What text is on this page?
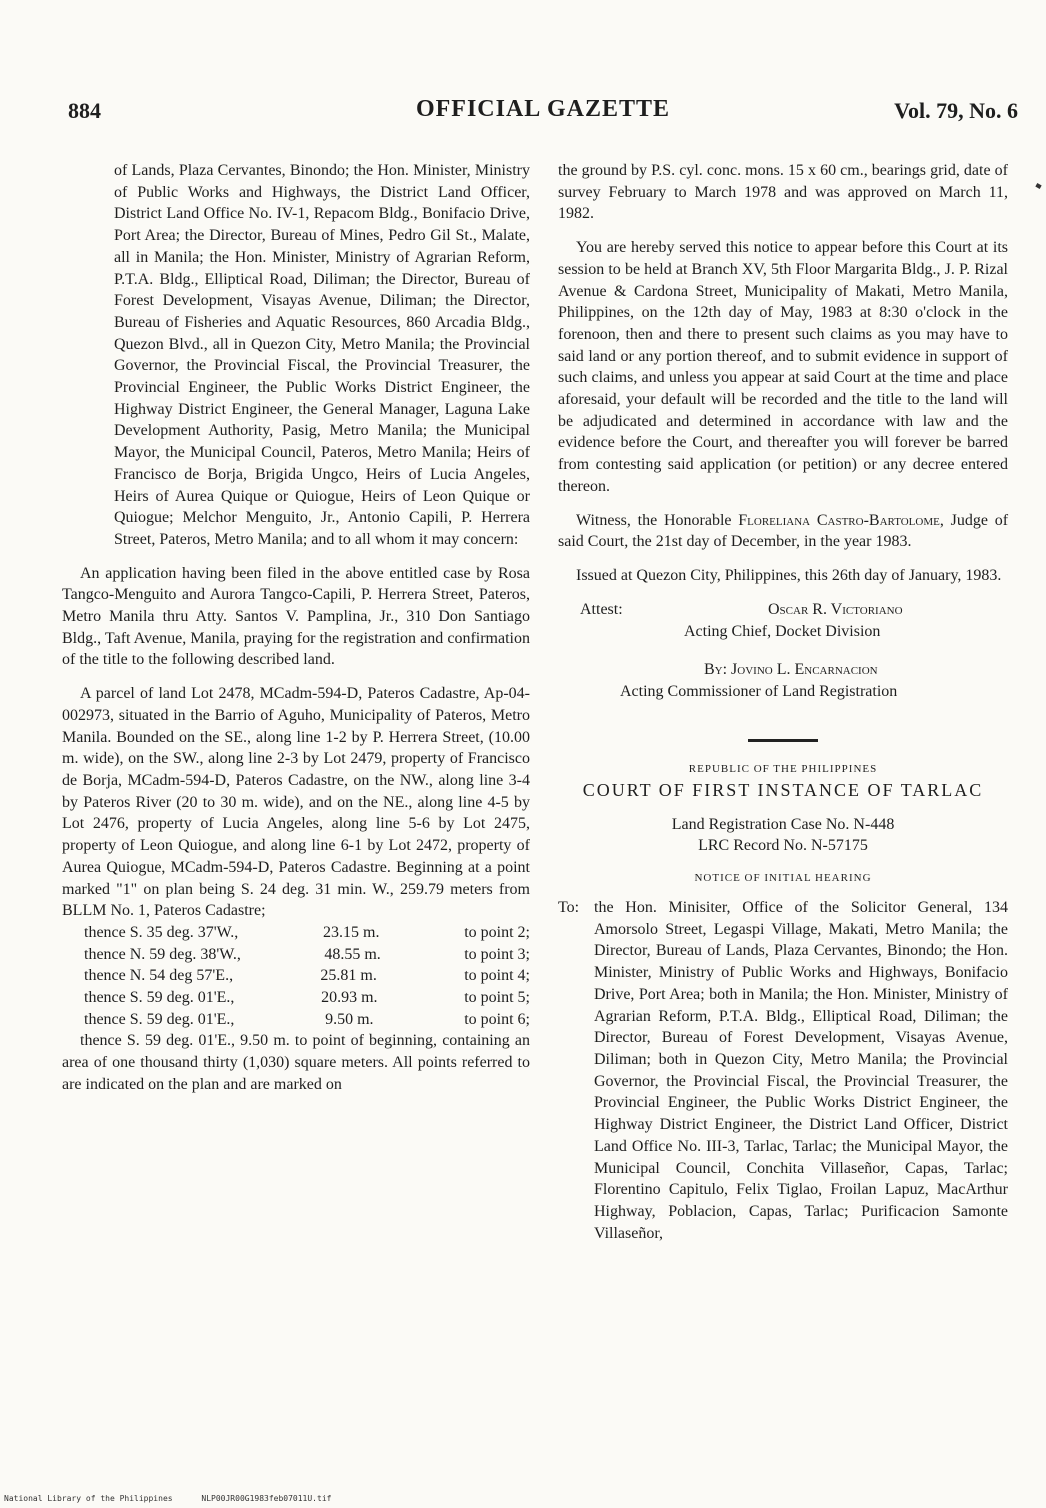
884	OFFICIAL GAZETTE	Vol. 79, No. 6

of Lands, Plaza Cervantes, Binondo; the Hon. Minister, Ministry of Public Works and Highways, the District Land Officer, District Land Office No. IV-1, Repacom Bldg., Bonifacio Drive, Port Area; the Director, Bureau of Mines, Pedro Gil St., Malate, all in Manila; the Hon. Minister, Ministry of Agrarian Reform, P.T.A. Bldg., Elliptical Road, Diliman; the Director, Bureau of Forest Development, Visayas Avenue, Diliman; the Director, Bureau of Fisheries and Aquatic Resources, 860 Arcadia Bldg., Quezon Blvd., all in Quezon City, Metro Manila; the Provincial Governor, the Provincial Fiscal, the Provincial Treasurer, the Provincial Engineer, the Public Works District Engineer, the Highway District Engineer, the General Manager, Laguna Lake Development Authority, Pasig, Metro Manila; the Municipal Mayor, the Municipal Council, Pateros, Metro Manila; Heirs of Francisco de Borja, Brigida Ungco, Heirs of Lucia Angeles, Heirs of Aurea Quique or Quiogue, Heirs of Leon Quique or Quiogue; Melchor Menguito, Jr., Antonio Capili, P. Herrera Street, Pateros, Metro Manila; and to all whom it may concern:

An application having been filed in the above entitled case by Rosa Tangco-Menguito and Aurora Tangco-Capili, P. Herrera Street, Pateros, Metro Manila thru Atty. Santos V. Pamplina, Jr., 310 Don Santiago Bldg., Taft Avenue, Manila, praying for the registration and confirmation of the title to the following described land.

A parcel of land Lot 2478, MCadm-594-D, Pateros Cadastre, Ap-04-002973, situated in the Barrio of Aguho, Municipality of Pateros, Metro Manila. Bounded on the SE., along line 1-2 by P. Herrera Street, (10.00 m. wide), on the SW., along line 2-3 by Lot 2479, property of Francisco de Borja, MCadm-594-D, Pateros Cadastre, on the NW., along line 3-4 by Pateros River (20 to 30 m. wide), and on the NE., along line 4-5 by Lot 2476, property of Lucia Angeles, along line 5-6 by Lot 2475, property of Leon Quiogue, and along line 6-1 by Lot 2472, property of Aurea Quiogue, MCadm-594-D, Pateros Cadastre. Beginning at a point marked "1" on plan being S. 24 deg. 31 min. W., 259.79 meters from BLLM No. 1, Pateros Cadastre;

thence S. 35 deg. 37'W.,	23.15 m.	to point 2;
thence N. 59 deg. 38'W.,	48.55 m.	to point 3;
thence N. 54 deg 57'E.,	25.81 m.	to point 4;
thence S. 59 deg. 01'E.,	20.93 m.	to point 5;
thence S. 59 deg. 01'E.,	9.50 m.	to point 6;

thence S. 59 deg. 01'E., 9.50 m. to point of beginning, containing an area of one thousand thirty (1,030) square meters. All points referred to are indicated on the plan and are marked on

the ground by P.S. cyl. conc. mons. 15 x 60 cm., bearings grid, date of survey February to March 1978 and was approved on March 11, 1982.

You are hereby served this notice to appear before this Court at its session to be held at Branch XV, 5th Floor Margarita Bldg., J. P. Rizal Avenue & Cardona Street, Municipality of Makati, Metro Manila, Philippines, on the 12th day of May, 1983 at 8:30 o'clock in the forenoon, then and there to present such claims as you may have to said land or any portion thereof, and to submit evidence in support of such claims, and unless you appear at said Court at the time and place aforesaid, your default will be recorded and the title to the land will be adjudicated and determined in accordance with law and the evidence before the Court, and thereafter you will forever be barred from contesting said application (or petition) or any decree entered thereon.

Witness, the Honorable Floreliana Castro-Bartolome, Judge of said Court, the 21st day of December, in the year 1983.

Issued at Quezon City, Philippines, this 26th day of January, 1983.

Attest:	Oscar R. Victoriano
Acting Chief, Docket Division
By: Jovino L. Encarnacion
Acting Commissioner of Land Registration
REPUBLIC OF THE PHILIPPINES
COURT OF FIRST INSTANCE OF TARLAC
Land Registration Case No. N-448
LRC Record No. N-57175
NOTICE OF INITIAL HEARING
To: the Hon. Minisiter, Office of the Solicitor General, 134 Amorsolo Street, Legaspi Village, Makati, Metro Manila; the Director, Bureau of Lands, Plaza Cervantes, Binondo; the Hon. Minister, Ministry of Public Works and Highways, Bonifacio Drive, Port Area; both in Manila; the Hon. Minister, Ministry of Agrarian Reform, P.T.A. Bldg., Elliptical Road, Diliman; the Director, Bureau of Forest Development, Visayas Avenue, Diliman; both in Quezon City, Metro Manila; the Provincial Governor, the Provincial Fiscal, the Provincial Treasurer, the Provincial Engineer, the Public Works District Engineer, the Highway District Engineer, the District Land Officer, District Land Office No. III-3, Tarlac, Tarlac; the Municipal Mayor, the Municipal Council, Conchita Villaseñor, Capas, Tarlac; Florentino Capitulo, Felix Tiglao, Froilan Lapuz, MacArthur Highway, Poblacion, Capas, Tarlac; Purificacion Samonte Villaseñor,

National Library of the Philippines	NLP00JR00G1983feb07011U.tif
